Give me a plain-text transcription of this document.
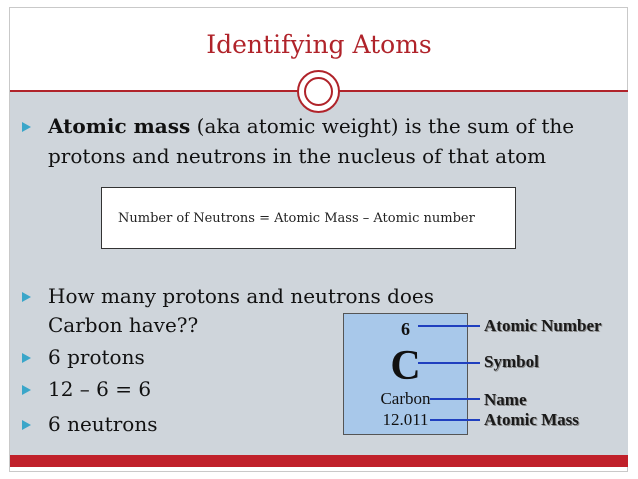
Identifying Atoms
Atomic mass (aka atomic weight) is the sum of the
protons and neutrons in the nucleus of that atom
Number of Neutrons = Atomic Mass – Atomic number
How many protons and neutrons does
Carbon have??
6 protons
12 – 6 = 6
6 neutrons
6
C
Carbon
12.011
Atomic Number
Symbol
Name
Atomic Mass
